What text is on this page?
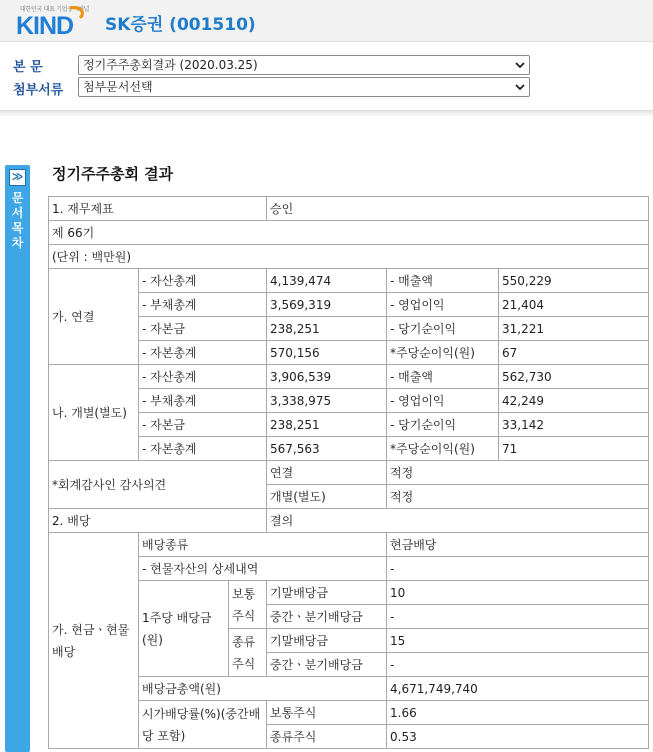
대한민국 대표 기업공시채널
KIND SK증권 (001510)
본 문	정기주주총회결과 (2020.03.25)
첨부서류	첨부문서선택
≫
문서목차
정기주주총회 결과
1. 재무제표			승인		
제 66기					
(단위 : 백만원)					
가. 연결	- 자산총계		4,139,474	- 매출액	550,229
	- 부채총계		3,569,319	- 영업이익	21,404
	- 자본금		238,251	- 당기순이익	31,221
	- 자본총계		570,156	*주당순이익(원)	67
나. 개별(별도)	- 자산총계		3,906,539	- 매출액	562,730
	- 부채총계		3,338,975	- 영업이익	42,249
	- 자본금		238,251	- 당기순이익	33,142
	- 자본총계		567,563	*주당순이익(원)	71
*회계감사인 감사의견			연결	적정	
			개별(별도)	적정	
2. 배당			결의		
가. 현금ㆍ현물배당	배당종류			현금배당	
	- 현물자산의 상세내역			-	
	1주당 배당금(원)	보통주식	기말배당금	10	
			중간ㆍ분기배당금	-	
		종류주식	기말배당금	15	
			중간ㆍ분기배당금	-	
	배당금총액(원)			4,671,749,740	
	시가배당률(%)(중간배당 포함)		보통주식	1.66	
			종류주식	0.53	
